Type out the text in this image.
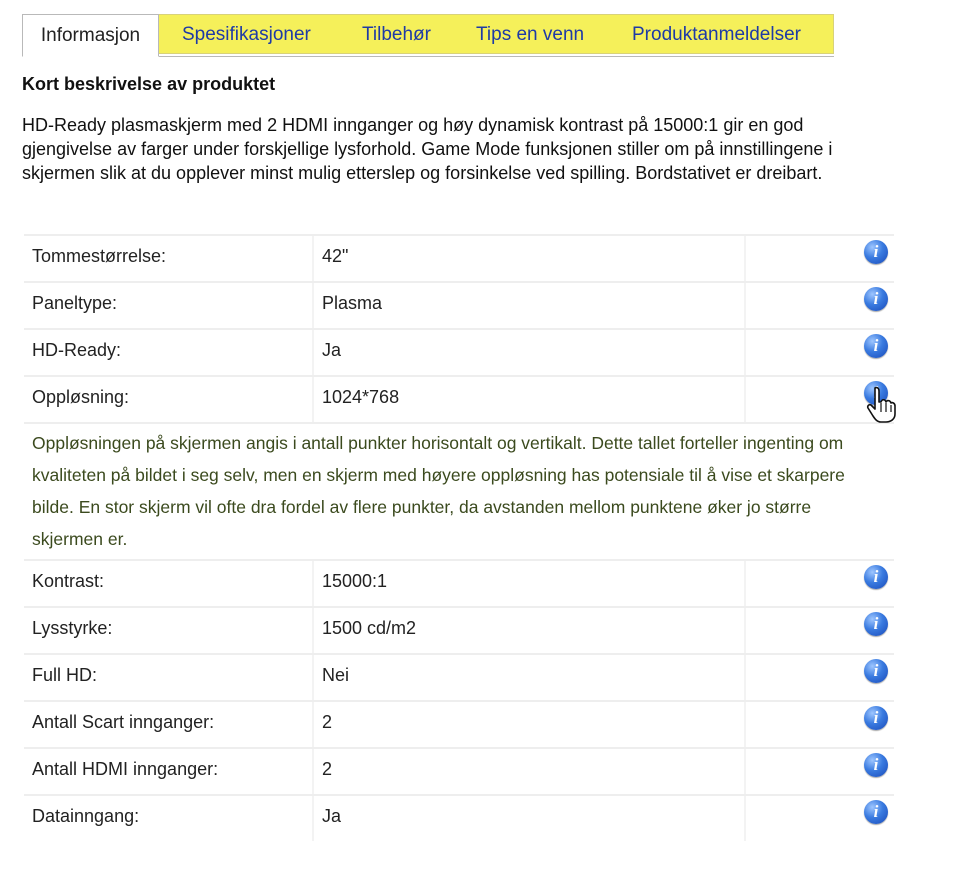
Informasjon	Spesifikasjoner	Tilbehør Tips en venn	Produktanmeldelser
Kort beskrivelse av produktet

HD-Ready plasmaskjerm med 2 HDMI innganger og høy dynamisk kontrast på 15000:1 gir en god gjengivelse av farger under forskjellige lysforhold. Game Mode funksjonen stiller om på innstillingene i skjermen slik at du opplever minst mulig etterslep og forsinkelse ved spilling. Bordstativet er dreibart.

Tommestørrelse:	42"	i
Paneltype:	Plasma	i
HD-Ready:	Ja	i
Oppløsning:	1024*768

Oppløsningen på skjermen angis i antall punkter horisontalt og vertikalt. Dette tallet forteller ingenting om kvaliteten på bildet i seg selv, men en skjerm med høyere oppløsning has potensiale til å vise et skarpere bilde. En stor skjerm vil ofte dra fordel av flere punkter, da avstanden mellom punktene øker jo større skjermen er.

Kontrast:	15000:1	i
Lysstyrke:	1500 cd/m2	i
Full HD:	Nei	i
Antall Scart innganger:	2	i
Antall HDMI innganger:	2	i
Datainngang:	Ja	i
